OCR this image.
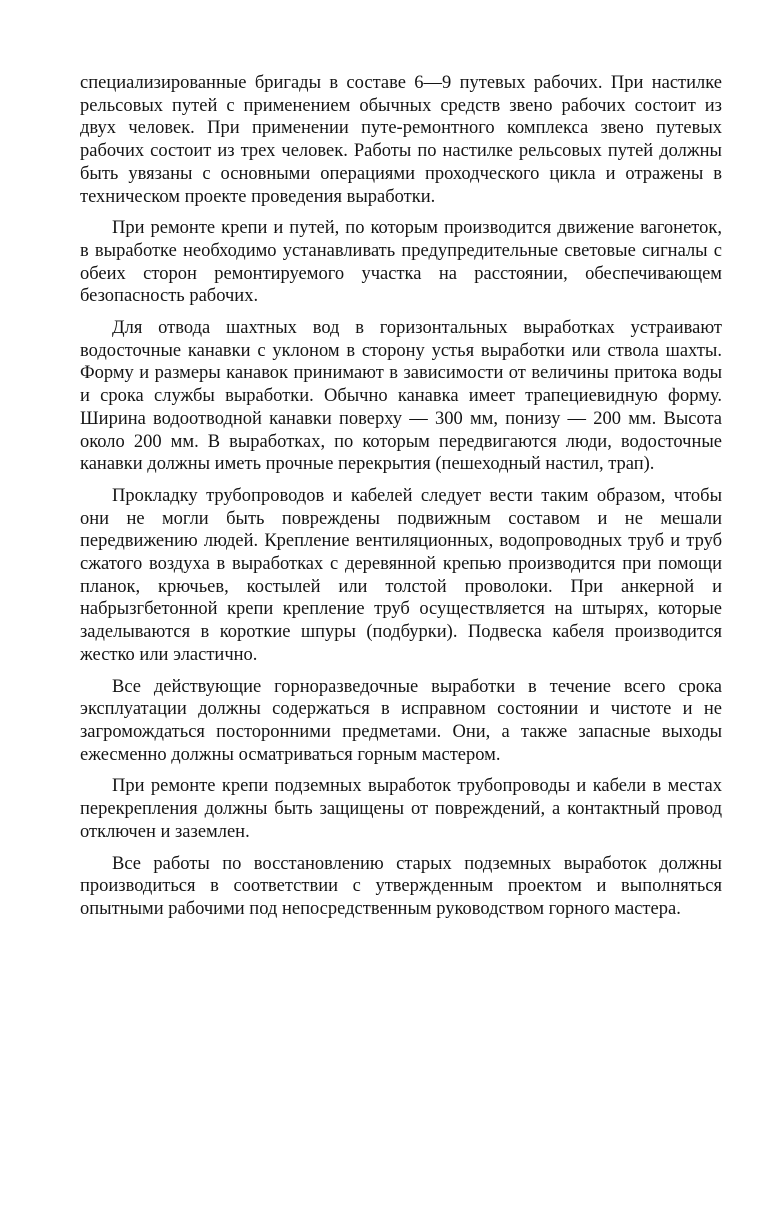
специализированные бригады в составе 6—9 путевых рабочих. При настилке рельсовых путей с применением обычных средств звено рабочих состоит из двух человек. При применении путе-ремонтного комплекса звено путевых рабочих состоит из трех человек. Работы по настилке рельсовых путей должны быть увязаны с основными операциями проходческого цикла и отражены в техническом проекте проведения выработки.

При ремонте крепи и путей, по которым производится движение вагонеток, в выработке необходимо устанавливать предупредительные световые сигналы с обеих сторон ремонтируемого участка на расстоянии, обеспечивающем безопасность рабочих.

Для отвода шахтных вод в горизонтальных выработках устраивают водосточные канавки с уклоном в сторону устья выработки или ствола шахты. Форму и размеры канавок принимают в зависимости от величины притока воды и срока службы выработки. Обычно канавка имеет трапециевидную форму. Ширина водоотводной канавки поверху — 300 мм, понизу — 200 мм. Высота около 200 мм. В выработках, по которым передвигаются люди, водосточные канавки должны иметь прочные перекрытия (пешеходный настил, трап).

Прокладку трубопроводов и кабелей следует вести таким образом, чтобы они не могли быть повреждены подвижным составом и не мешали передвижению людей. Крепление вентиляционных, водопроводных труб и труб сжатого воздуха в выработках с деревянной крепью производится при помощи планок, крючьев, костылей или толстой проволоки. При анкерной и набрызгбетонной крепи крепление труб осуществляется на штырях, которые заделываются в короткие шпуры (подбурки). Подвеска кабеля производится жестко или эластично.

Все действующие горноразведочные выработки в течение всего срока эксплуатации должны содержаться в исправном состоянии и чистоте и не загромождаться посторонними предметами. Они, а также запасные выходы ежесменно должны осматриваться горным мастером.

При ремонте крепи подземных выработок трубопроводы и кабели в местах перекрепления должны быть защищены от повреждений, а контактный провод отключен и заземлен.

Все работы по восстановлению старых подземных выработок должны производиться в соответствии с утвержденным проектом и выполняться опытными рабочими под непосредственным руководством горного мастера.
